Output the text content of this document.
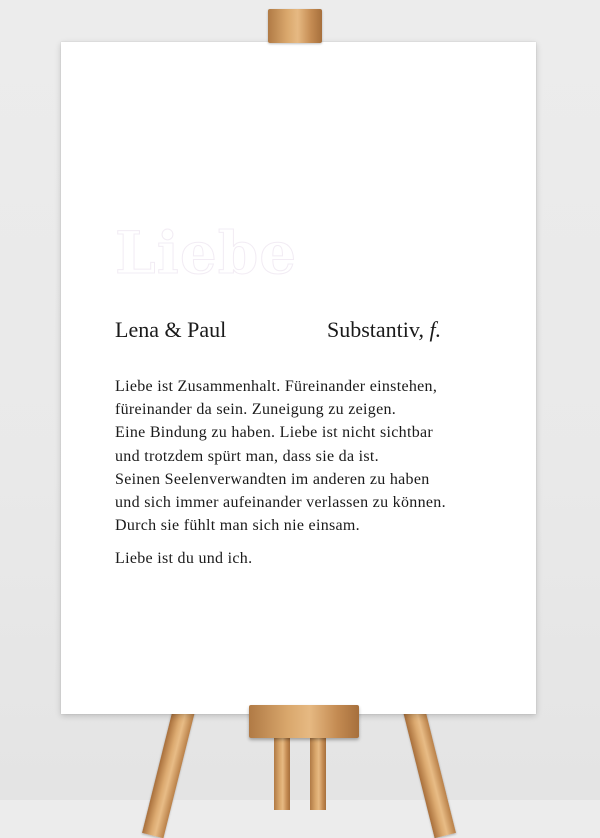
Liebe
Lena & Paul	Substantiv, f.
Liebe ist Zusammenhalt. Füreinander einstehen,
füreinander da sein. Zuneigung zu zeigen.
Eine Bindung zu haben. Liebe ist nicht sichtbar
und trotzdem spürt man, dass sie da ist.
Seinen Seelenverwandten im anderen zu haben
und sich immer aufeinander verlassen zu können.
Durch sie fühlt man sich nie einsam.
Liebe ist du und ich.
